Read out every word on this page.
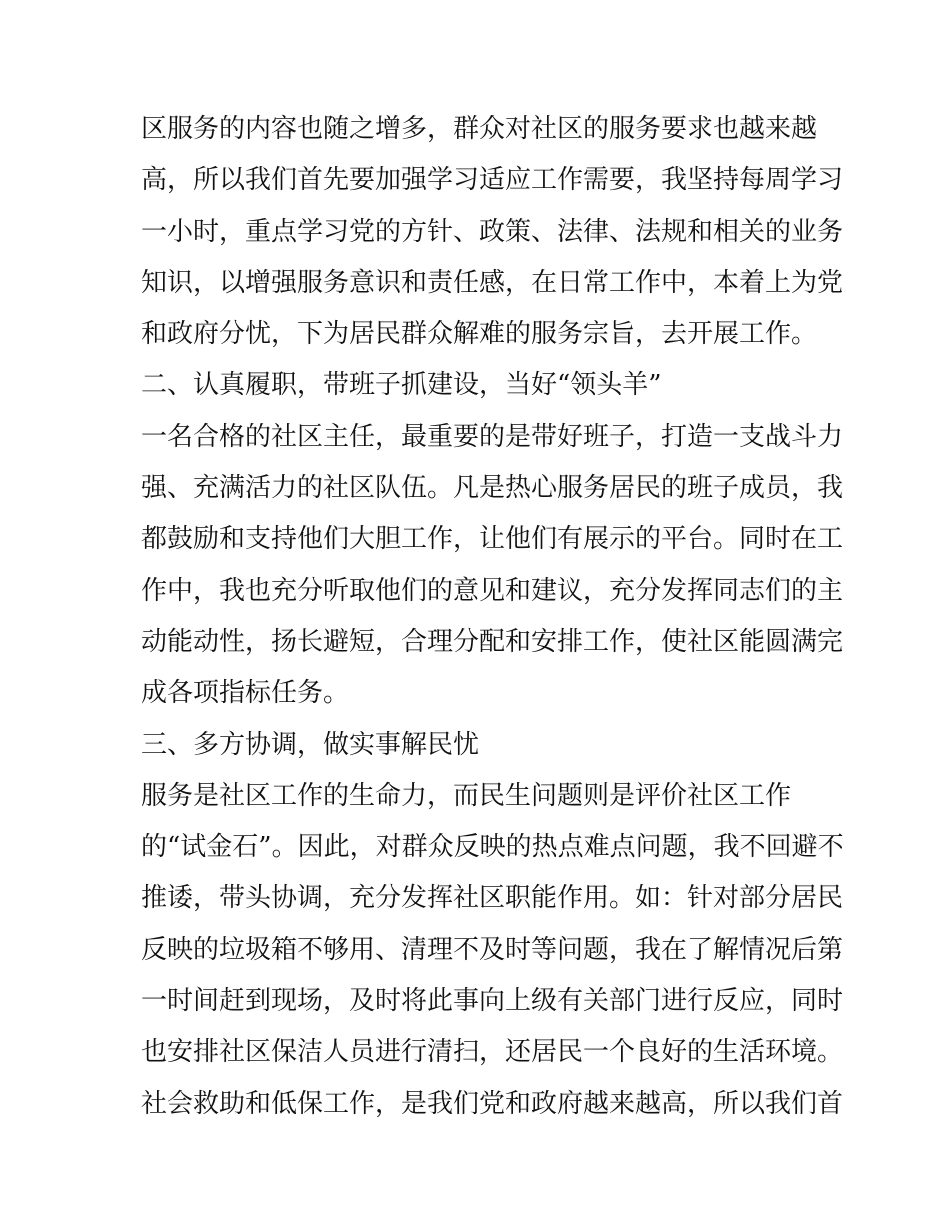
区服务的内容也随之增多，群众对社区的服务要求也越来越
高，所以我们首先要加强学习适应工作需要，我坚持每周学习
一小时，重点学习党的方针、政策、法律、法规和相关的业务
知识，以增强服务意识和责任感，在日常工作中，本着上为党
和政府分忧，下为居民群众解难的服务宗旨，去开展工作。
二、认真履职，带班子抓建设，当好“领头羊”
一名合格的社区主任，最重要的是带好班子，打造一支战斗力
强、充满活力的社区队伍。凡是热心服务居民的班子成员，我
都鼓励和支持他们大胆工作，让他们有展示的平台。同时在工
作中，我也充分听取他们的意见和建议，充分发挥同志们的主
动能动性，扬长避短，合理分配和安排工作，使社区能圆满完
成各项指标任务。
三、多方协调，做实事解民忧
服务是社区工作的生命力，而民生问题则是评价社区工作
的“试金石”。因此，对群众反映的热点难点问题，我不回避不
推诿，带头协调，充分发挥社区职能作用。如：针对部分居民
反映的垃圾箱不够用、清理不及时等问题，我在了解情况后第
一时间赶到现场，及时将此事向上级有关部门进行反应，同时
也安排社区保洁人员进行清扫，还居民一个良好的生活环境。
社会救助和低保工作，是我们党和政府越来越高，所以我们首
